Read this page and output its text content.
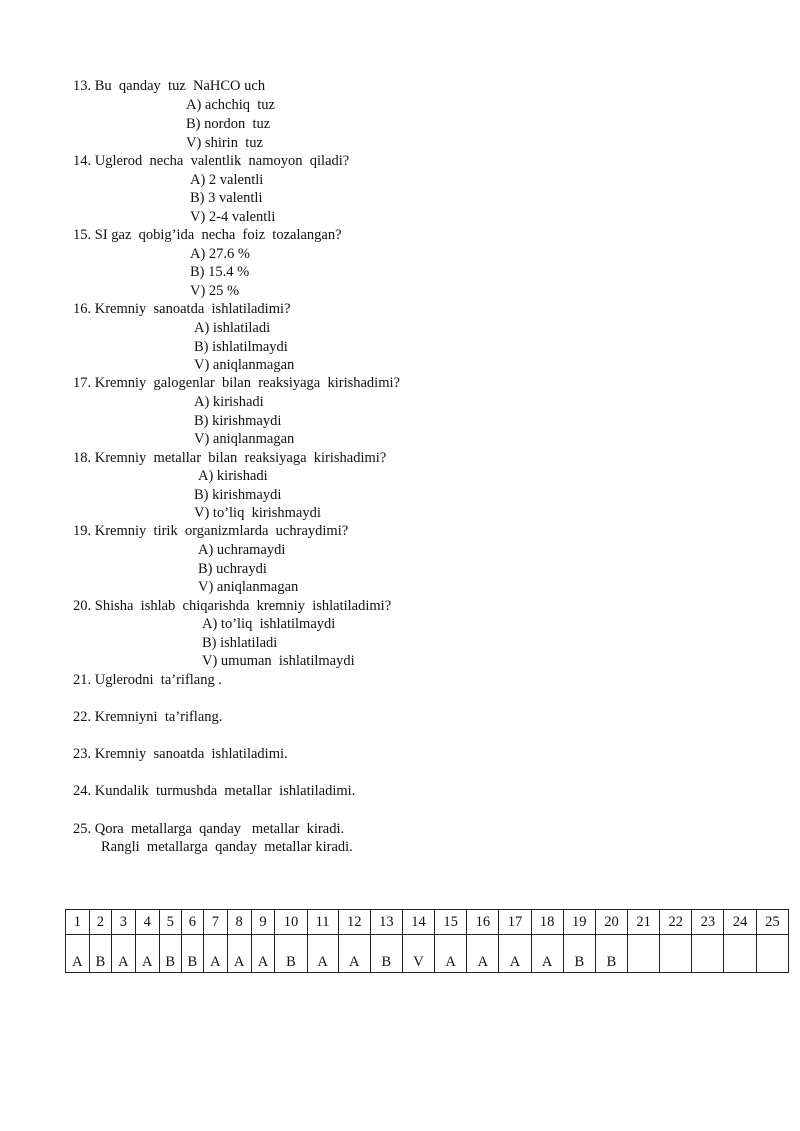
13. Bu  qanday  tuz  NaHCO uch
A) achchiq  tuz
B) nordon  tuz
V) shirin  tuz
14. Uglerod  necha  valentlik  namoyon  qiladi?
A) 2 valentli
B) 3 valentli
V) 2-4 valentli
15. SI gaz  qobig’ida  necha  foiz  tozalangan?
A) 27.6 %
B) 15.4 %
V) 25 %
16. Kremniy  sanoatda  ishlatiladimi?
A) ishlatiladi
B) ishlatilmaydi
V) aniqlanmagan
17. Kremniy  galogenlar  bilan  reaksiyaga  kirishadimi?
A) kirishadi
B) kirishmaydi
V) aniqlanmagan
18. Kremniy  metallar  bilan  reaksiyaga  kirishadimi?
A) kirishadi
B) kirishmaydi
V) to’liq  kirishmaydi
19. Kremniy  tirik  organizmlarda  uchraydimi?
A) uchramaydi
B) uchraydi
V) aniqlanmagan
20. Shisha  ishlab  chiqarishda  kremniy  ishlatiladimi?
A) to’liq  ishlatilmaydi
B) ishlatiladi
V) umuman  ishlatilmaydi
21. Uglerodni  ta’riflang .
22. Kremniyni  ta’riflang.
23. Kremniy  sanoatda  ishlatiladimi.
24. Kundalik  turmushda  metallar  ishlatiladimi.
25. Qora  metallarga  qanday   metallar  kiradi.
Rangli  metallarga  qanday  metallar kiradi.
1	2	3	4	5	6	7	8	9	10	11	12	13	14	15	16	17	18	19	20	21	22	23	24	25
A	B	A	A	B	B	A	A	A	B	A	A	B	V	A	A	A	A	B	B					
